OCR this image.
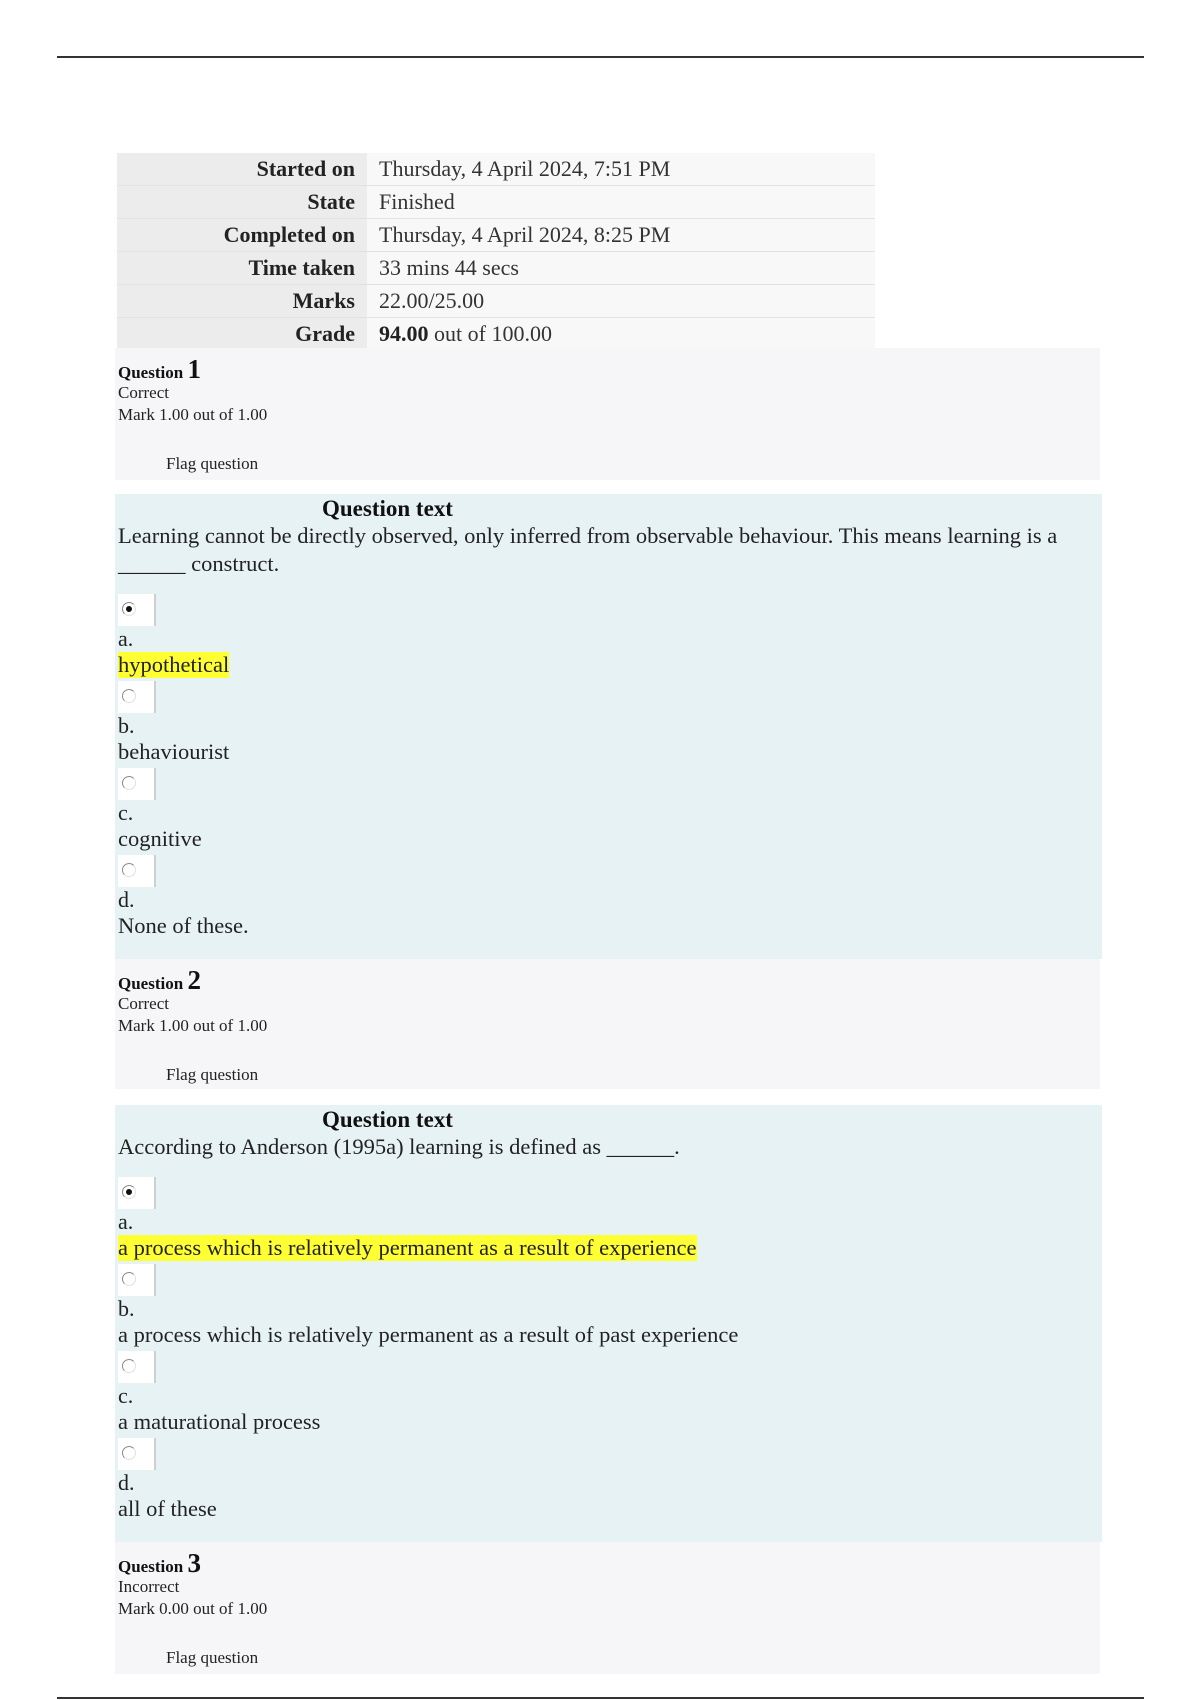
Started on	Thursday, 4 April 2024, 7:51 PM
State	Finished
Completed on	Thursday, 4 April 2024, 8:25 PM
Time taken	33 mins 44 secs
Marks	22.00/25.00
Grade	94.00 out of 100.00
Question 1
Correct
Mark 1.00 out of 1.00
Flag question
Question text
Learning cannot be directly observed, only inferred from observable behaviour. This means learning is a ______ construct.
a.
hypothetical
b.
behaviourist
c.
cognitive
d.
None of these.
Question 2
Correct
Mark 1.00 out of 1.00
Flag question
Question text
According to Anderson (1995a) learning is defined as ______.
a.
a process which is relatively permanent as a result of experience
b.
a process which is relatively permanent as a result of past experience
c.
a maturational process
d.
all of these
Question 3
Incorrect
Mark 0.00 out of 1.00
Flag question
